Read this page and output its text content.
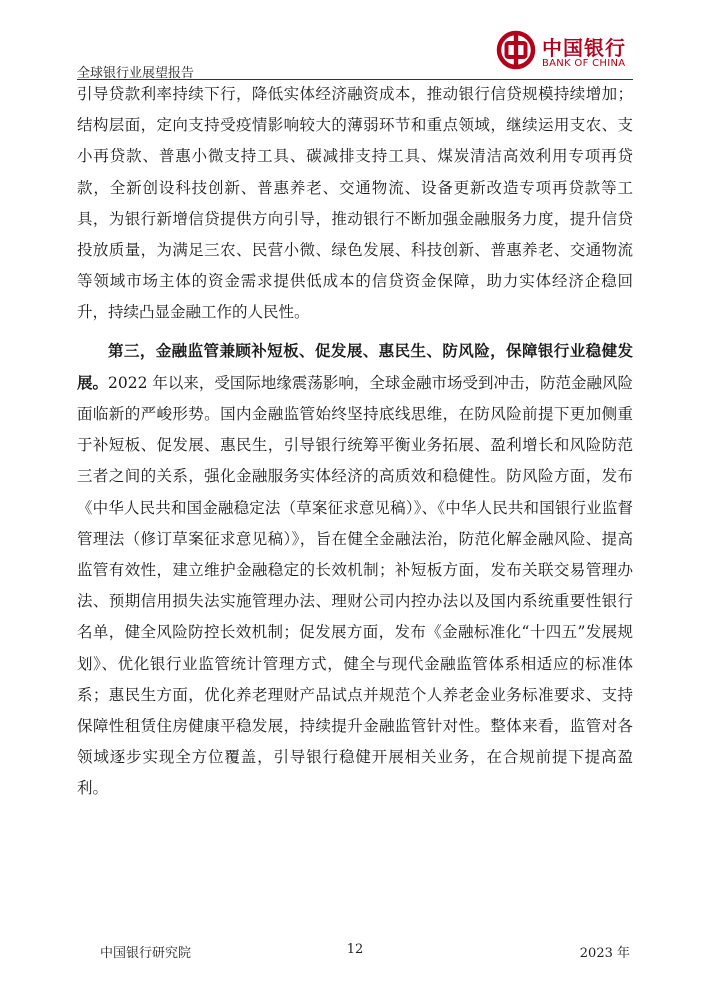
全球银行业展望报告
中国银行
BANK OF CHINA

引导贷款利率持续下行，降低实体经济融资成本，推动银行信贷规模持续增加；结构层面，定向支持受疫情影响较大的薄弱环节和重点领域，继续运用支农、支小再贷款、普惠小微支持工具、碳减排支持工具、煤炭清洁高效利用专项再贷款，全新创设科技创新、普惠养老、交通物流、设备更新改造专项再贷款等工具，为银行新增信贷提供方向引导，推动银行不断加强金融服务力度，提升信贷投放质量，为满足三农、民营小微、绿色发展、科技创新、普惠养老、交通物流等领域市场主体的资金需求提供低成本的信贷资金保障，助力实体经济企稳回升，持续凸显金融工作的人民性。

第三，金融监管兼顾补短板、促发展、惠民生、防风险，保障银行业稳健发展。2022 年以来，受国际地缘震荡影响，全球金融市场受到冲击，防范金融风险面临新的严峻形势。国内金融监管始终坚持底线思维，在防风险前提下更加侧重于补短板、促发展、惠民生，引导银行统筹平衡业务拓展、盈利增长和风险防范三者之间的关系，强化金融服务实体经济的高质效和稳健性。防风险方面，发布《中华人民共和国金融稳定法（草案征求意见稿）》、《中华人民共和国银行业监督管理法（修订草案征求意见稿）》，旨在健全金融法治，防范化解金融风险、提高监管有效性，建立维护金融稳定的长效机制；补短板方面，发布关联交易管理办法、预期信用损失法实施管理办法、理财公司内控办法以及国内系统重要性银行名单，健全风险防控长效机制；促发展方面，发布《金融标准化“十四五”发展规划》、优化银行业监管统计管理方式，健全与现代金融监管体系相适应的标准体系；惠民生方面，优化养老理财产品试点并规范个人养老金业务标准要求、支持保障性租赁住房健康平稳发展，持续提升金融监管针对性。整体来看，监管对各领域逐步实现全方位覆盖，引导银行稳健开展相关业务，在合规前提下提高盈利。

中国银行研究院	12	2023 年
